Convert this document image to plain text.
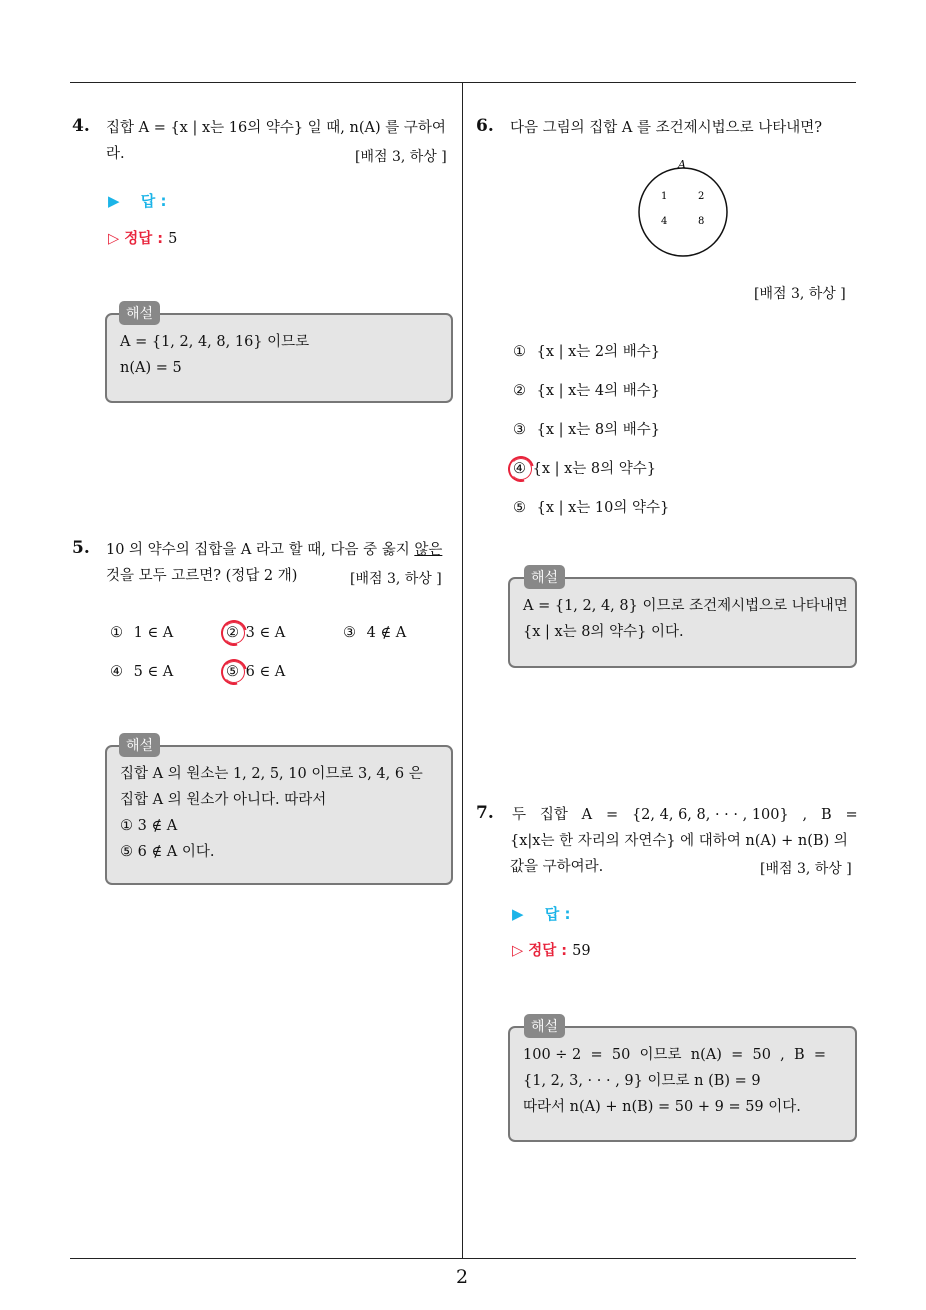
2
4. 집합 A = {x | x는 16의 약수} 일 때, n(A) 를 구하여
라.	[배점 3, 하상 ]
▶ 답 :
▷ 정답 : 5
A = {1, 2, 4, 8, 16} 이므로
n(A) = 5
해설
5. 10 의 약수의 집합을 A 라고 할 때, 다음 중 옳지 않은
것을 모두 고르면? (정답 2 개)	[배점 3, 하상 ]
① 1 ∈ A	② 3 ∈ A	③ 4 ∉ A
④ 5 ∈ A	⑤ 6 ∈ A
집합 A 의 원소는 1, 2, 5, 10 이므로 3, 4, 6 은
집합 A 의 원소가 아니다. 따라서
① 3 ∉ A
⑤ 6 ∉ A 이다.
해설
6. 다음 그림의 집합 A 를 조건제시법으로 나타내면?
A
1	2
4	8
[배점 3, 하상 ]
① {x | x는 2의 배수}
② {x | x는 4의 배수}
③ {x | x는 8의 배수}
④ {x | x는 8의 약수}
⑤ {x | x는 10의 약수}
A = {1, 2, 4, 8} 이므로 조건제시법으로 나타내면
{x | x는 8의 약수} 이다.
해설
7. 두   집합   A   =   {2, 4, 6, 8, · · · , 100}   ,   B   =
{x|x는 한 자리의 자연수} 에 대하여 n(A) + n(B) 의
값을 구하여라.	[배점 3, 하상 ]
▶ 답 :
▷ 정답 : 59
100 ÷ 2  =  50  이므로  n(A)  =  50  ,  B  =
{1, 2, 3, · · · , 9} 이므로 n (B) = 9
따라서 n(A) + n(B) = 50 + 9 = 59 이다.
해설
